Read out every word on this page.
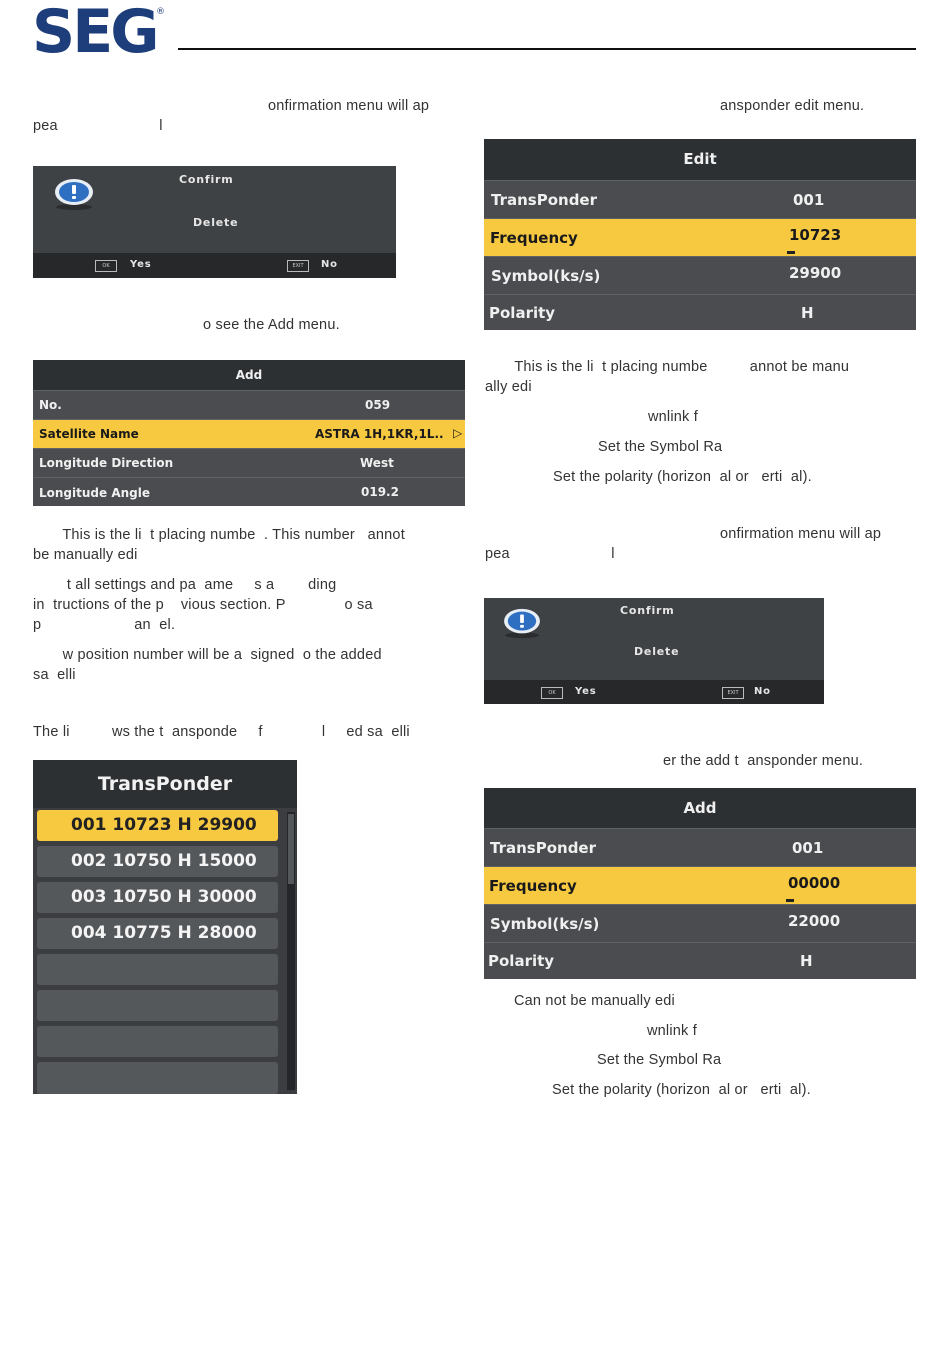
SEG ®
onfirmation menu will ap
pea                        l
Confirm
Delete
OK	Yes	EXIT	No
o see the Add menu.
Add
No.	059
Satellite Name	ASTRA 1H,1KR,1L.. ▷
Longitude Direction	West
Longitude Angle	019.2
This is the li  t placing numbe  . This number   annot
be manually edi
t all settings and pa  ame     s a        ding
in  tructions of the p    vious section. P              o sa
p                      an  el.
w position number will be a  signed  o the added
sa  elli
The li          ws the t  ansponde     f              l     ed sa  elli
TransPonder
001 10723 H 29900
002 10750 H 15000
003 10750 H 30000
004 10775 H 28000
ansponder edit menu.
Edit
TransPonder	001
Frequency	10723
Symbol(ks/s)	29900
Polarity	H
This is the li  t placing numbe          annot be manu
ally edi
wnlink f
Set the Symbol Ra
Set the polarity (horizon  al or   erti  al).
onfirmation menu will ap
pea                        l
Confirm
Delete
OK	Yes	EXIT	No
er the add t  ansponder menu.
Add
TransPonder	001
Frequency	00000
Symbol(ks/s)	22000
Polarity	H
Can not be manually edi
wnlink f
Set the Symbol Ra
Set the polarity (horizon  al or   erti  al).
